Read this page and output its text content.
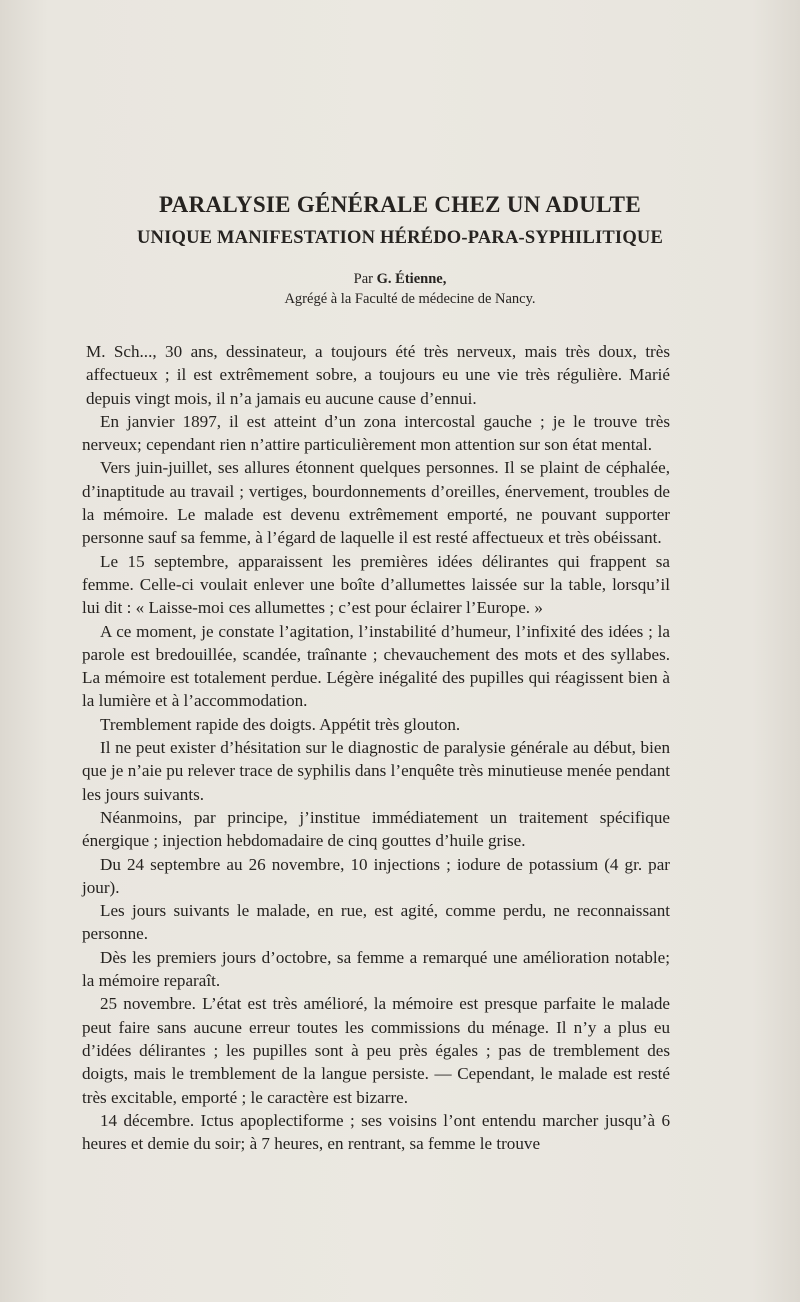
PARALYSIE GÉNÉRALE CHEZ UN ADULTE
UNIQUE MANIFESTATION HÉRÉDO-PARA-SYPHILITIQUE
Par G. Étienne,
Agrégé à la Faculté de médecine de Nancy.

M. Sch..., 30 ans, dessinateur, a toujours été très nerveux, mais très doux, très affectueux ; il est extrêmement sobre, a toujours eu une vie très régulière. Marié depuis vingt mois, il n’a jamais eu aucune cause d’ennui.

En janvier 1897, il est atteint d’un zona intercostal gauche ; je le trouve très nerveux; cependant rien n’attire particulièrement mon attention sur son état mental.

Vers juin-juillet, ses allures étonnent quelques personnes. Il se plaint de céphalée, d’inaptitude au travail ; vertiges, bourdonnements d’oreilles, énervement, troubles de la mémoire. Le malade est devenu extrêmement emporté, ne pouvant supporter personne sauf sa femme, à l’égard de laquelle il est resté affectueux et très obéissant.

Le 15 septembre, apparaissent les premières idées délirantes qui frappent sa femme. Celle-ci voulait enlever une boîte d’allumettes laissée sur la table, lorsqu’il lui dit : « Laisse-moi ces allumettes ; c’est pour éclairer l’Europe. »

A ce moment, je constate l’agitation, l’instabilité d’humeur, l’infixité des idées ; la parole est bredouillée, scandée, traînante ; chevauchement des mots et des syllabes. La mémoire est totalement perdue. Légère inégalité des pupilles qui réagissent bien à la lumière et à l’accommodation.

Tremblement rapide des doigts. Appétit très glouton.

Il ne peut exister d’hésitation sur le diagnostic de paralysie générale au début, bien que je n’aie pu relever trace de syphilis dans l’enquête très minutieuse menée pendant les jours suivants.

Néanmoins, par principe, j’institue immédiatement un traitement spécifique énergique ; injection hebdomadaire de cinq gouttes d’huile grise.

Du 24 septembre au 26 novembre, 10 injections ; iodure de potassium (4 gr. par jour).

Les jours suivants le malade, en rue, est agité, comme perdu, ne reconnaissant personne.

Dès les premiers jours d’octobre, sa femme a remarqué une amélioration notable; la mémoire reparaît.

25 novembre. L’état est très amélioré, la mémoire est presque parfaite le malade peut faire sans aucune erreur toutes les commissions du ménage. Il n’y a plus eu d’idées délirantes ; les pupilles sont à peu près égales ; pas de tremblement des doigts, mais le tremblement de la langue persiste. — Cependant, le malade est resté très excitable, emporté ; le caractère est bizarre.

14 décembre. Ictus apoplectiforme ; ses voisins l’ont entendu marcher jusqu’à 6 heures et demie du soir; à 7 heures, en rentrant, sa femme le trouve
